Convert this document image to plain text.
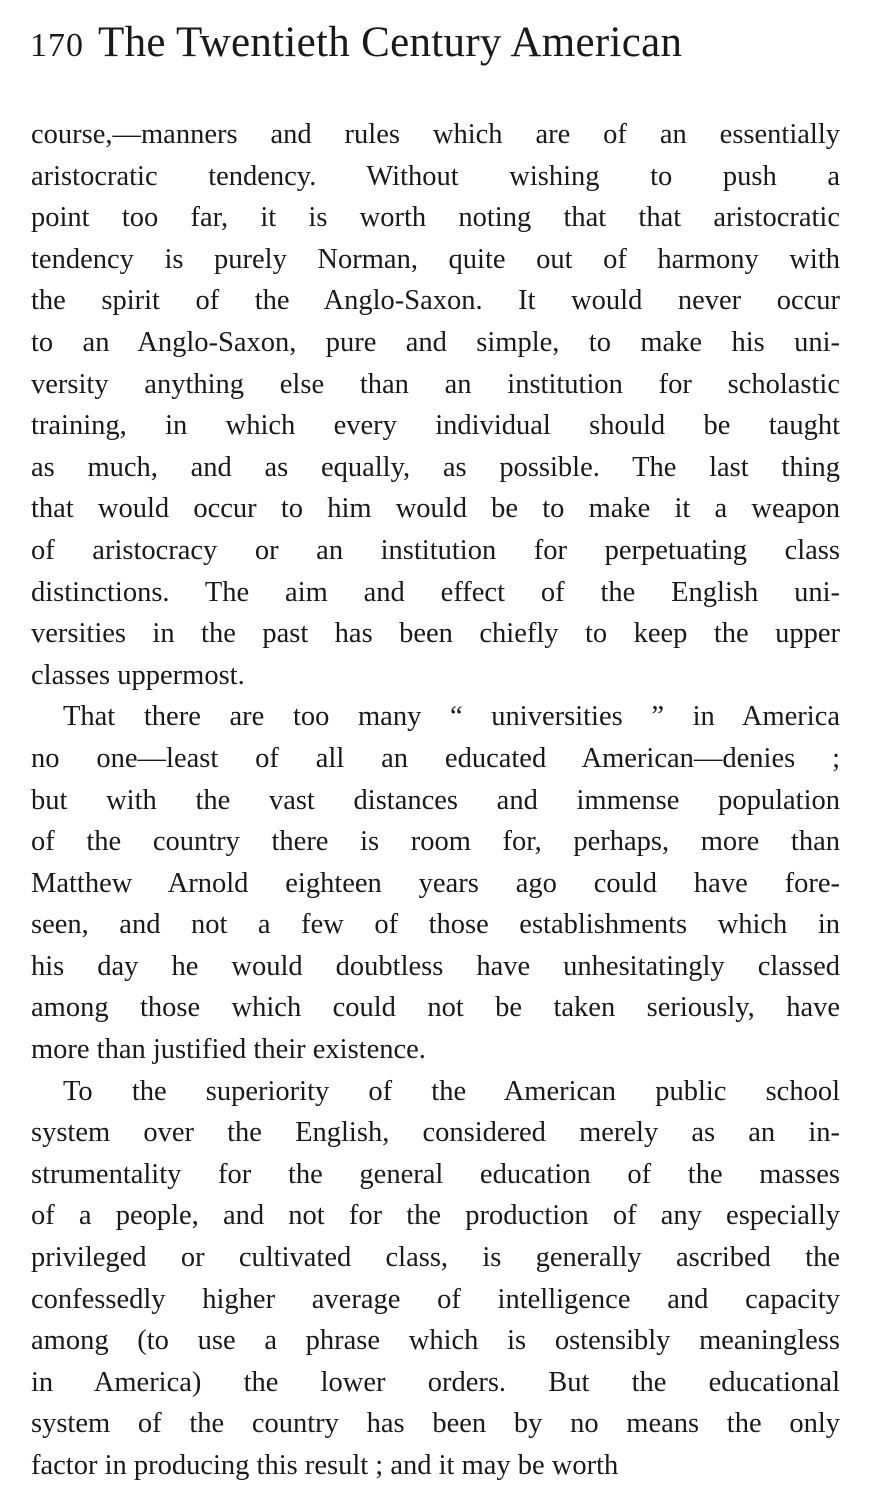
170 The Twentieth Century American
course,—manners and rules which are of an essentially
aristocratic tendency. Without wishing to push a
point too far, it is worth noting that that aristocratic
tendency is purely Norman, quite out of harmony with
the spirit of the Anglo-Saxon. It would never occur
to an Anglo-Saxon, pure and simple, to make his uni-
versity anything else than an institution for scholastic
training, in which every individual should be taught
as much, and as equally, as possible. The last thing
that would occur to him would be to make it a weapon
of aristocracy or an institution for perpetuating class
distinctions. The aim and effect of the English uni-
versities in the past has been chiefly to keep the upper
classes uppermost.
That there are too many “ universities ” in America
no one—least of all an educated American—denies ;
but with the vast distances and immense population
of the country there is room for, perhaps, more than
Matthew Arnold eighteen years ago could have fore-
seen, and not a few of those establishments which in
his day he would doubtless have unhesitatingly classed
among those which could not be taken seriously, have
more than justified their existence.
To the superiority of the American public school
system over the English, considered merely as an in-
strumentality for the general education of the masses
of a people, and not for the production of any especially
privileged or cultivated class, is generally ascribed the
confessedly higher average of intelligence and capacity
among (to use a phrase which is ostensibly meaningless
in America) the lower orders. But the educational
system of the country has been by no means the only
factor in producing this result ; and it may be worth
